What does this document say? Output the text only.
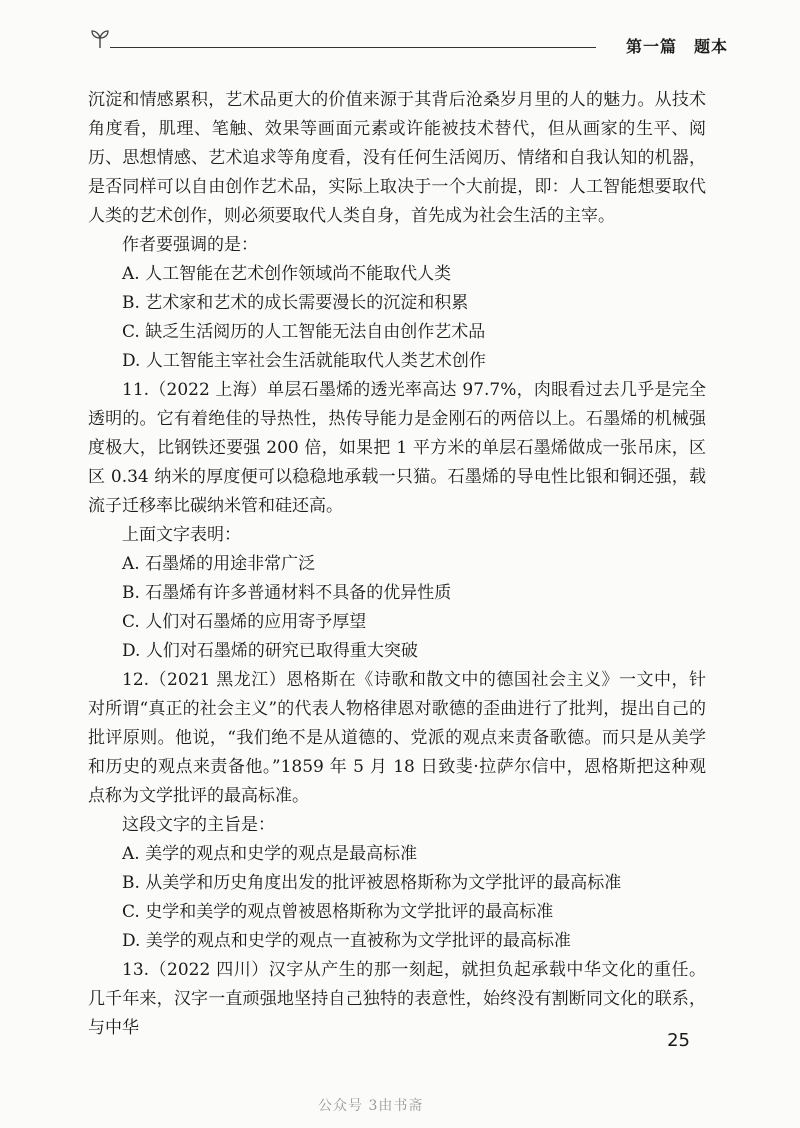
第一篇　题本

沉淀和情感累积，艺术品更大的价值来源于其背后沧桑岁月里的人的魅力。从技术角度看，肌理、笔触、效果等画面元素或许能被技术替代，但从画家的生平、阅历、思想情感、艺术追求等角度看，没有任何生活阅历、情绪和自我认知的机器，是否同样可以自由创作艺术品，实际上取决于一个大前提，即：人工智能想要取代人类的艺术创作，则必须要取代人类自身，首先成为社会生活的主宰。

作者要强调的是：

A. 人工智能在艺术创作领域尚不能取代人类

B. 艺术家和艺术的成长需要漫长的沉淀和积累

C. 缺乏生活阅历的人工智能无法自由创作艺术品

D. 人工智能主宰社会生活就能取代人类艺术创作

11.（2022 上海）单层石墨烯的透光率高达 97.7%，肉眼看过去几乎是完全透明的。它有着绝佳的导热性，热传导能力是金刚石的两倍以上。石墨烯的机械强度极大，比钢铁还要强 200 倍，如果把 1 平方米的单层石墨烯做成一张吊床，区区 0.34 纳米的厚度便可以稳稳地承载一只猫。石墨烯的导电性比银和铜还强，载流子迁移率比碳纳米管和硅还高。

上面文字表明：

A. 石墨烯的用途非常广泛

B. 石墨烯有许多普通材料不具备的优异性质

C. 人们对石墨烯的应用寄予厚望

D. 人们对石墨烯的研究已取得重大突破

12.（2021 黑龙江）恩格斯在《诗歌和散文中的德国社会主义》一文中，针对所谓“真正的社会主义”的代表人物格律恩对歌德的歪曲进行了批判，提出自己的批评原则。他说，“我们绝不是从道德的、党派的观点来责备歌德。而只是从美学和历史的观点来责备他。”1859 年 5 月 18 日致斐·拉萨尔信中，恩格斯把这种观点称为文学批评的最高标准。

这段文字的主旨是：

A. 美学的观点和史学的观点是最高标准

B. 从美学和历史角度出发的批评被恩格斯称为文学批评的最高标准

C. 史学和美学的观点曾被恩格斯称为文学批评的最高标准

D. 美学的观点和史学的观点一直被称为文学批评的最高标准

13.（2022 四川）汉字从产生的那一刻起，就担负起承载中华文化的重任。几千年来，汉字一直顽强地坚持自己独特的表意性，始终没有割断同文化的联系，与中华

25
公众号 3由书斋
